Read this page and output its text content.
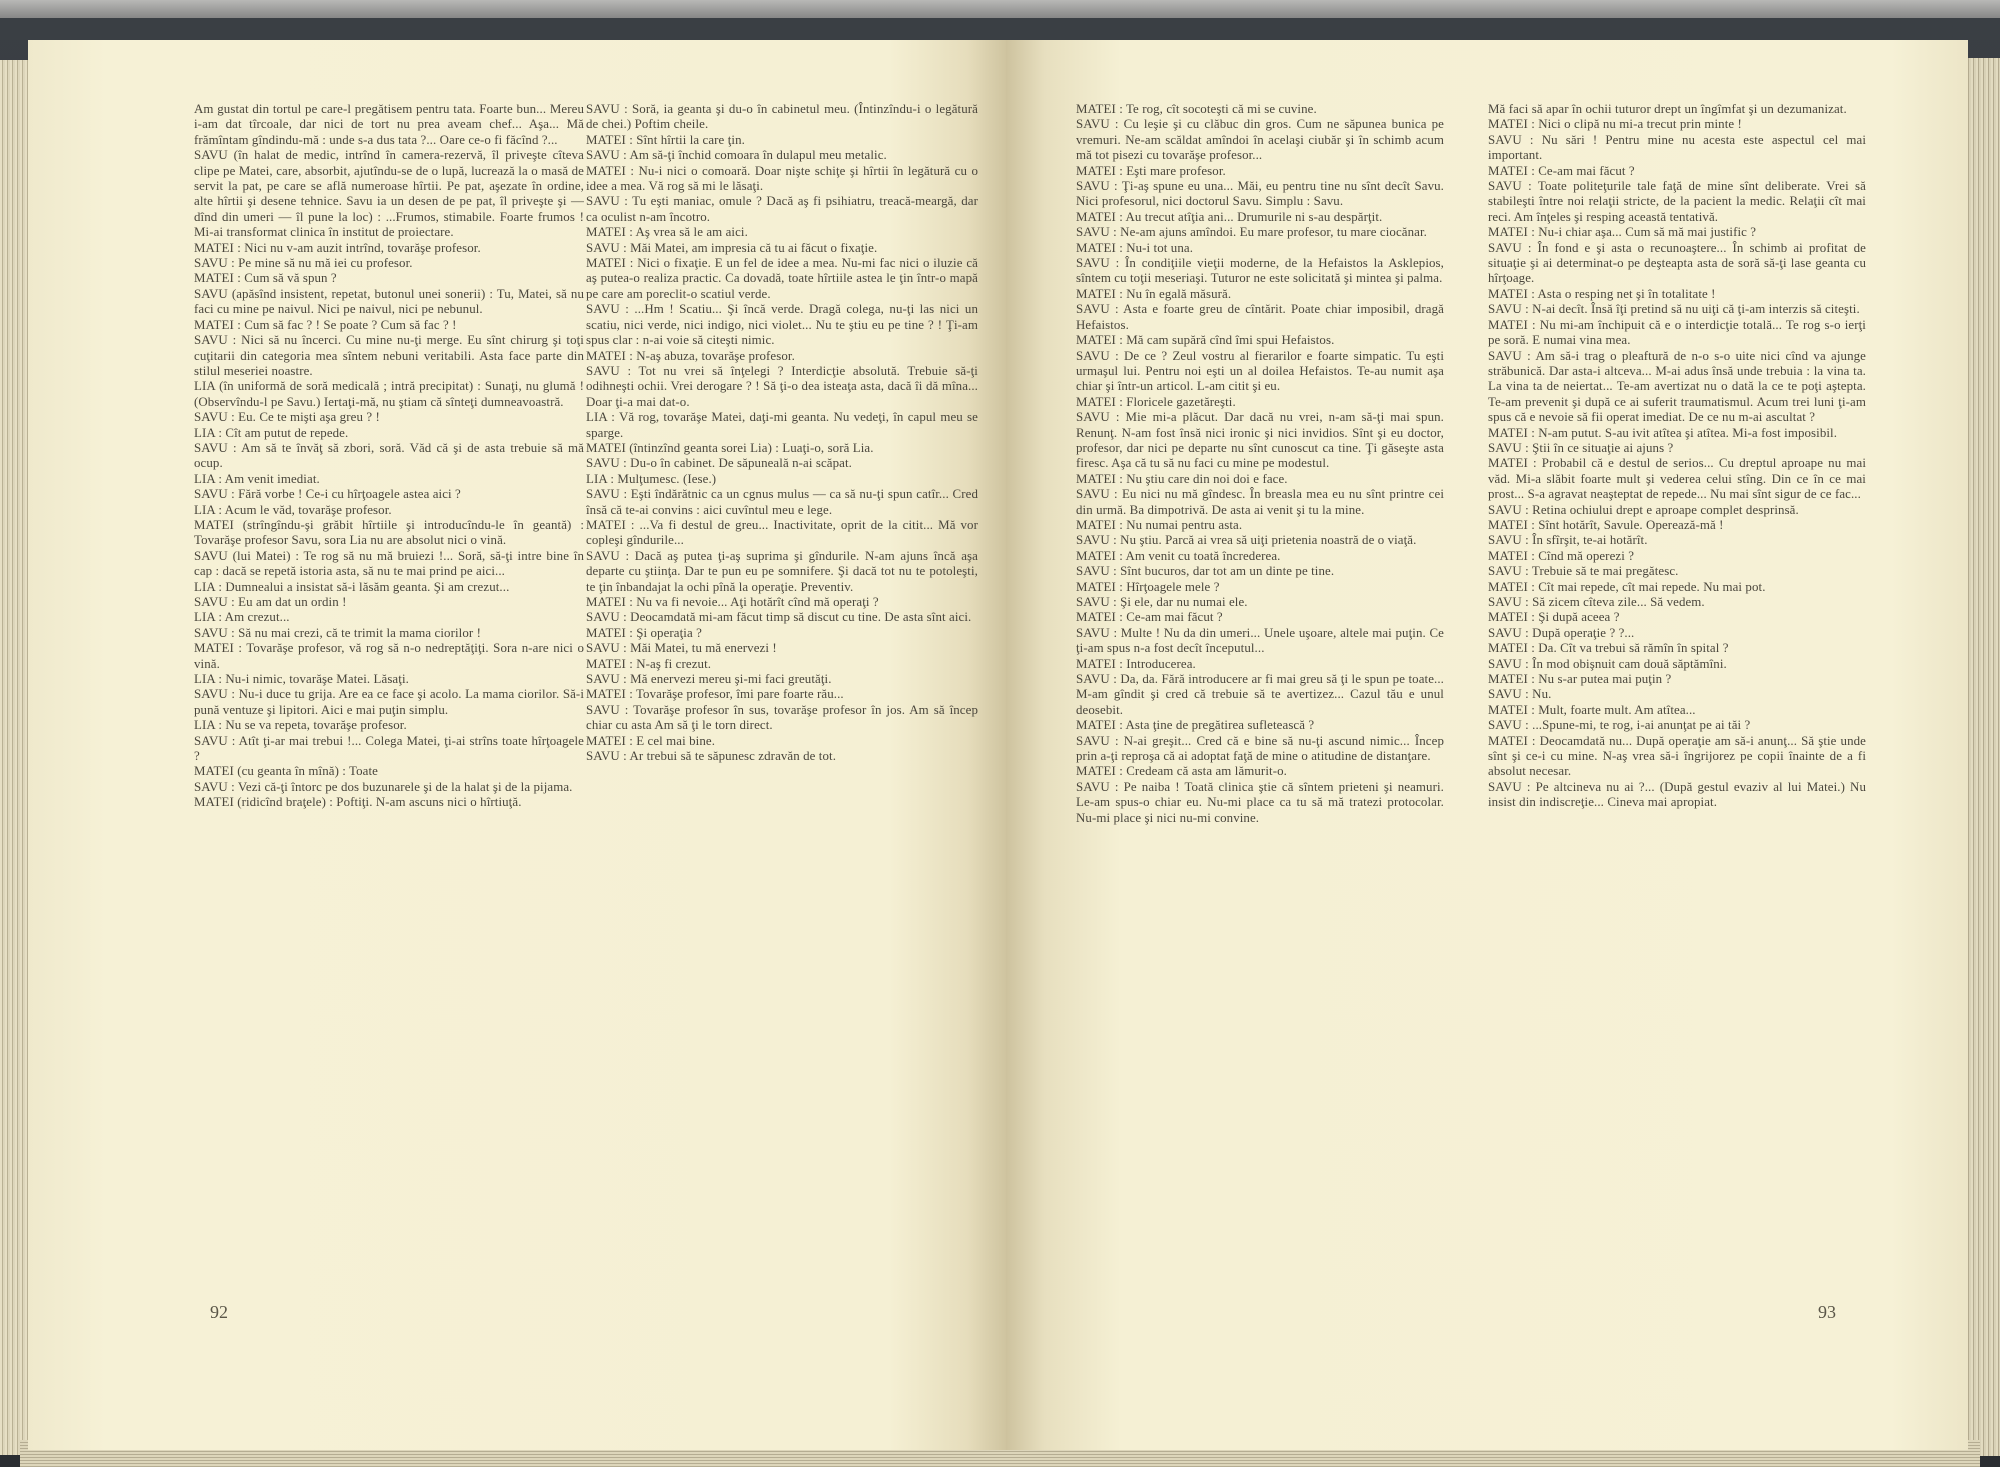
Am gustat din tortul pe care-l pregătisem pentru tata. Foarte bun... Mereu i-am dat tîrcoale, dar nici de tort nu prea aveam chef... Aşa... Mă frămîntam gîndindu-mă : unde s-a dus tata ?... Oare ce-o fi făcînd ?...

SAVU (în halat de medic, intrînd în camera-rezervă, îl priveşte cîteva clipe pe Matei, care, absorbit, ajutîndu-se de o lupă, lucrează la o masă de servit la pat, pe care se află numeroase hîrtii. Pe pat, aşezate în ordine, alte hîrtii şi desene tehnice. Savu ia un desen de pe pat, îl priveşte şi — dînd din umeri — îl pune la loc) : ...Frumos, stimabile. Foarte frumos ! Mi-ai transformat clinica în institut de proiectare.

MATEI : Nici nu v-am auzit intrînd, tovarăşe profesor.

SAVU : Pe mine să nu mă iei cu profesor.

MATEI : Cum să vă spun ?

SAVU (apăsînd insistent, repetat, butonul unei sonerii) : Tu, Matei, să nu faci cu mine pe naivul. Nici pe naivul, nici pe nebunul.

MATEI : Cum să fac ? ! Se poate ? Cum să fac ? !

SAVU : Nici să nu încerci. Cu mine nu-ţi merge. Eu sînt chirurg şi toţi cuţitarii din categoria mea sîntem nebuni veritabili. Asta face parte din stilul meseriei noastre.

LIA (în uniformă de soră medicală ; intră precipitat) : Sunaţi, nu glumă ! (Observîndu-l pe Savu.) Iertaţi-mă, nu ştiam că sînteţi dumneavoastră.

SAVU : Eu. Ce te mişti aşa greu ? !

LIA : Cît am putut de repede.

SAVU : Am să te învăţ să zbori, soră. Văd că şi de asta trebuie să mă ocup.

LIA : Am venit imediat.

SAVU : Fără vorbe ! Ce-i cu hîrţoagele astea aici ?

LIA : Acum le văd, tovarăşe profesor.

MATEI (strîngîndu-şi grăbit hîrtiile şi introducîndu-le în geantă) : Tovarăşe profesor Savu, sora Lia nu are absolut nici o vină.

SAVU (lui Matei) : Te rog să nu mă bruiezi !... Soră, să-ţi intre bine în cap : dacă se repetă istoria asta, să nu te mai prind pe aici...

LIA : Dumnealui a insistat să-i lăsăm geanta. Şi am crezut...

SAVU : Eu am dat un ordin !

LIA : Am crezut...

SAVU : Să nu mai crezi, că te trimit la mama ciorilor !

MATEI : Tovarăşe profesor, vă rog să n-o nedreptăţiţi. Sora n-are nici o vină.

LIA : Nu-i nimic, tovarăşe Matei. Lăsaţi.

SAVU : Nu-i duce tu grija. Are ea ce face şi acolo. La mama ciorilor. Să-i pună ventuze şi lipitori. Aici e mai puţin simplu.

LIA : Nu se va repeta, tovarăşe profesor.

SAVU : Atît ţi-ar mai trebui !... Colega Matei, ţi-ai strîns toate hîrţoagele ?

MATEI (cu geanta în mînă) : Toate

SAVU : Vezi că-ţi întorc pe dos buzunarele şi de la halat şi de la pijama.

MATEI (ridicînd braţele) : Poftiţi. N-am ascuns nici o hîrtiuţă.

SAVU : Soră, ia geanta şi du-o în cabinetul meu. (Întinzîndu-i o legătură de chei.) Poftim cheile.

MATEI : Sînt hîrtii la care ţin.

SAVU : Am să-ţi închid comoara în dulapul meu metalic.

MATEI : Nu-i nici o comoară. Doar nişte schiţe şi hîrtii în legătură cu o idee a mea. Vă rog să mi le lăsaţi.

SAVU : Tu eşti maniac, omule ? Dacă aş fi psihiatru, treacă-meargă, dar ca oculist n-am încotro.

MATEI : Aş vrea să le am aici.

SAVU : Măi Matei, am impresia că tu ai făcut o fixaţie.

MATEI : Nici o fixaţie. E un fel de idee a mea. Nu-mi fac nici o iluzie că aş putea-o realiza practic. Ca dovadă, toate hîrtiile astea le ţin într-o mapă pe care am poreclit-o scatiul verde.

SAVU : ...Hm ! Scatiu... Şi încă verde. Dragă colega, nu-ţi las nici un scatiu, nici verde, nici indigo, nici violet... Nu te ştiu eu pe tine ? ! Ţi-am spus clar : n-ai voie să citeşti nimic.

MATEI : N-aş abuza, tovarăşe profesor.

SAVU : Tot nu vrei să înţelegi ? Interdicţie absolută. Trebuie să-ţi odihneşti ochii. Vrei derogare ? ! Să ţi-o dea isteaţa asta, dacă îi dă mîna... Doar ţi-a mai dat-o.

LIA : Vă rog, tovarăşe Matei, daţi-mi geanta. Nu vedeţi, în capul meu se sparge.

MATEI (întinzînd geanta sorei Lia) : Luaţi-o, soră Lia.

SAVU : Du-o în cabinet. De săpuneală n-ai scăpat.

LIA : Mulţumesc. (Iese.)

SAVU : Eşti îndărătnic ca un cgnus mulus — ca să nu-ţi spun catîr... Cred însă că te-ai convins : aici cuvîntul meu e lege.

MATEI : ...Va fi destul de greu... Inactivitate, oprit de la citit... Mă vor copleşi gîndurile...

SAVU : Dacă aş putea ţi-aş suprima şi gîndurile. N-am ajuns încă aşa departe cu ştiinţa. Dar te pun eu pe somnifere. Şi dacă tot nu te potoleşti, te ţin înbandajat la ochi pînă la operaţie. Preventiv.

MATEI : Nu va fi nevoie... Aţi hotărît cînd mă operaţi ?

SAVU : Deocamdată mi-am făcut timp să discut cu tine. De asta sînt aici.

MATEI : Şi operaţia ?

SAVU : Măi Matei, tu mă enervezi !

MATEI : N-aş fi crezut.

SAVU : Mă enervezi mereu şi-mi faci greutăţi.

MATEI : Tovarăşe profesor, îmi pare foarte rău...

SAVU : Tovarăşe profesor în sus, tovarăşe profesor în jos. Am să încep chiar cu asta Am să ţi le torn direct.

MATEI : E cel mai bine.

SAVU : Ar trebui să te săpunesc zdravăn de tot.

92

MATEI : Te rog, cît socoteşti că mi se cuvine.

SAVU : Cu leşie şi cu clăbuc din gros. Cum ne săpunea bunica pe vremuri. Ne-am scăldat amîndoi în acelaşi ciubăr şi în schimb acum mă tot pisezi cu tovarăşe profesor...

MATEI : Eşti mare profesor.

SAVU : Ţi-aş spune eu una... Măi, eu pentru tine nu sînt decît Savu. Nici profesorul, nici doctorul Savu. Simplu : Savu.

MATEI : Au trecut atîţia ani... Drumurile ni s-au despărţit.

SAVU : Ne-am ajuns amîndoi. Eu mare profesor, tu mare ciocănar.

MATEI : Nu-i tot una.

SAVU : În condiţiile vieţii moderne, de la Hefaistos la Asklepios, sîntem cu toţii meseriaşi. Tuturor ne este solicitată şi mintea şi palma.

MATEI : Nu în egală măsură.

SAVU : Asta e foarte greu de cîntărit. Poate chiar imposibil, dragă Hefaistos.

MATEI : Mă cam supără cînd îmi spui Hefaistos.

SAVU : De ce ? Zeul vostru al fierarilor e foarte simpatic. Tu eşti urmaşul lui. Pentru noi eşti un al doilea Hefaistos. Te-au numit aşa chiar şi într-un articol. L-am citit şi eu.

MATEI : Floricele gazetăreşti.

SAVU : Mie mi-a plăcut. Dar dacă nu vrei, n-am să-ţi mai spun. Renunţ. N-am fost însă nici ironic şi nici invidios. Sînt şi eu doctor, profesor, dar nici pe departe nu sînt cunoscut ca tine. Ţi găseşte asta firesc. Aşa că tu să nu faci cu mine pe modestul.

MATEI : Nu ştiu care din noi doi e face.

SAVU : Eu nici nu mă gîndesc. În breasla mea eu nu sînt printre cei din urmă. Ba dimpotrivă. De asta ai venit şi tu la mine.

MATEI : Nu numai pentru asta.

SAVU : Nu ştiu. Parcă ai vrea să uiţi prietenia noastră de o viaţă.

MATEI : Am venit cu toată încrederea.

SAVU : Sînt bucuros, dar tot am un dinte pe tine.

MATEI : Hîrţoagele mele ?

SAVU : Şi ele, dar nu numai ele.

MATEI : Ce-am mai făcut ?

SAVU : Multe ! Nu da din umeri... Unele uşoare, altele mai puţin. Ce ţi-am spus n-a fost decît începutul...

MATEI : Introducerea.

SAVU : Da, da. Fără introducere ar fi mai greu să ţi le spun pe toate... M-am gîndit şi cred că trebuie să te avertizez... Cazul tău e unul deosebit.

MATEI : Asta ţine de pregătirea sufletească ?

SAVU : N-ai greşit... Cred că e bine să nu-ţi ascund nimic... Încep prin a-ţi reproşa că ai adoptat faţă de mine o atitudine de distanţare.

MATEI : Credeam că asta am lămurit-o.

SAVU : Pe naiba ! Toată clinica ştie că sîntem prieteni şi neamuri. Le-am spus-o chiar eu. Nu-mi place ca tu să mă tratezi protocolar. Nu-mi place şi nici nu-mi convine.

Mă faci să apar în ochii tuturor drept un îngîmfat şi un dezumanizat.

MATEI : Nici o clipă nu mi-a trecut prin minte !

SAVU : Nu sări ! Pentru mine nu acesta este aspectul cel mai important.

MATEI : Ce-am mai făcut ?

SAVU : Toate politeţurile tale faţă de mine sînt deliberate. Vrei să stabileşti între noi relaţii stricte, de la pacient la medic. Relaţii cît mai reci. Am înţeles şi resping această tentativă.

MATEI : Nu-i chiar aşa... Cum să mă mai justific ?

SAVU : În fond e şi asta o recunoaştere... În schimb ai profitat de situaţie şi ai determinat-o pe deşteapta asta de soră să-ţi lase geanta cu hîrţoage.

MATEI : Asta o resping net şi în totalitate !

SAVU : N-ai decît. Însă îţi pretind să nu uiţi că ţi-am interzis să citeşti.

MATEI : Nu mi-am închipuit că e o interdicţie totală... Te rog s-o ierţi pe soră. E numai vina mea.

SAVU : Am să-i trag o pleaftură de n-o s-o uite nici cînd va ajunge străbunică. Dar asta-i altceva... M-ai adus însă unde trebuia : la vina ta. La vina ta de neiertat... Te-am avertizat nu o dată la ce te poţi aştepta. Te-am prevenit şi după ce ai suferit traumatismul. Acum trei luni ţi-am spus că e nevoie să fii operat imediat. De ce nu m-ai ascultat ?

MATEI : N-am putut. S-au ivit atîtea şi atîtea. Mi-a fost imposibil.

SAVU : Ştii în ce situaţie ai ajuns ?

MATEI : Probabil că e destul de serios... Cu dreptul aproape nu mai văd. Mi-a slăbit foarte mult şi vederea celui stîng. Din ce în ce mai prost... S-a agravat neaşteptat de repede... Nu mai sînt sigur de ce fac...

SAVU : Retina ochiului drept e aproape complet desprinsă.

MATEI : Sînt hotărît, Savule. Operează-mă !

SAVU : În sfîrşit, te-ai hotărît.

MATEI : Cînd mă operezi ?

SAVU : Trebuie să te mai pregătesc.

MATEI : Cît mai repede, cît mai repede. Nu mai pot.

SAVU : Să zicem cîteva zile... Să vedem.

MATEI : Şi după aceea ?

SAVU : După operaţie ? ?...

MATEI : Da. Cît va trebui să rămîn în spital ?

SAVU : În mod obişnuit cam două săptămîni.

MATEI : Nu s-ar putea mai puţin ?

SAVU : Nu.

MATEI : Mult, foarte mult. Am atîtea...

SAVU : ...Spune-mi, te rog, i-ai anunţat pe ai tăi ?

MATEI : Deocamdată nu... După operaţie am să-i anunţ... Să ştie unde sînt şi ce-i cu mine. N-aş vrea să-i îngrijorez pe copii înainte de a fi absolut necesar.

SAVU : Pe altcineva nu ai ?... (După gestul evaziv al lui Matei.) Nu insist din indiscreţie... Cineva mai apropiat.

93
